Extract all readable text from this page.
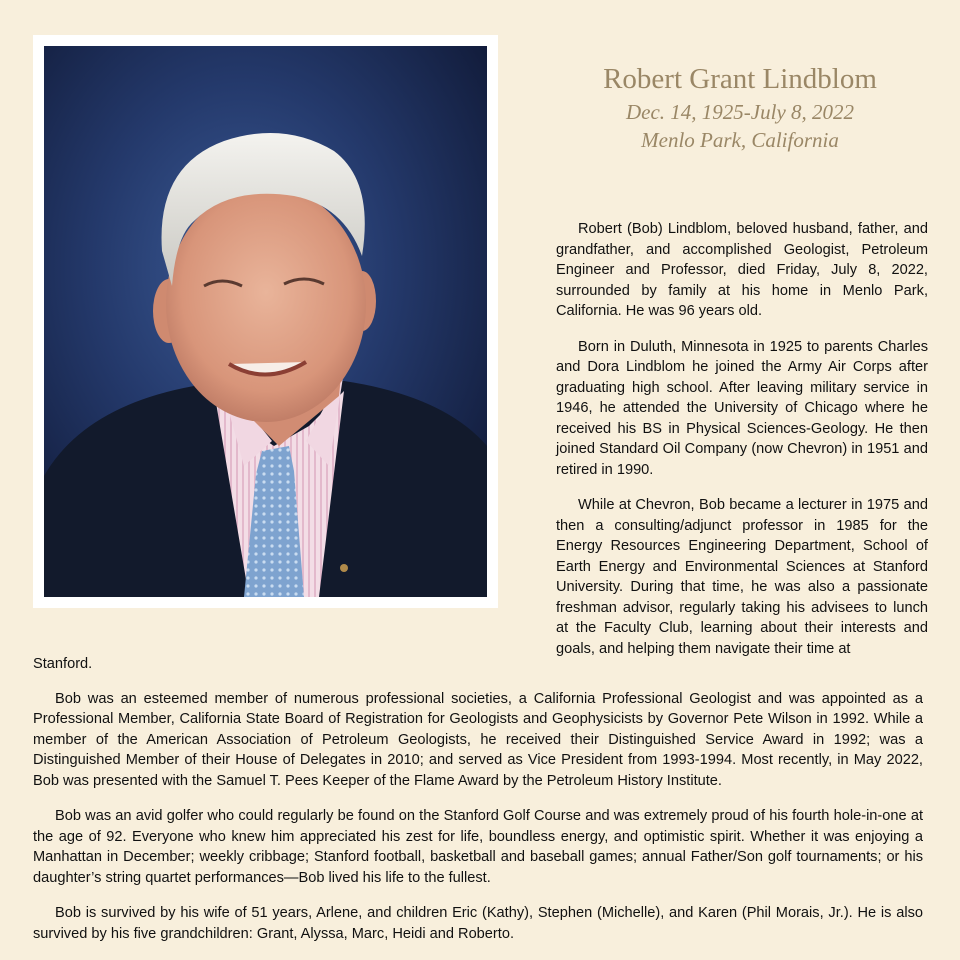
Robert Grant Lindblom
Dec. 14, 1925-July 8, 2022
Menlo Park, California

Robert (Bob) Lindblom, beloved husband, father, and grandfather, and accomplished Geologist, Petroleum Engineer and Professor, died Friday, July 8, 2022, surrounded by family at his home in Menlo Park, California. He was 96 years old.

Born in Duluth, Minnesota in 1925 to parents Charles and Dora Lindblom he joined the Army Air Corps after graduating high school. After leaving military service in 1946, he attended the University of Chicago where he received his BS in Physical Sciences-Geology. He then joined Standard Oil Company (now Chevron) in 1951 and retired in 1990.

While at Chevron, Bob became a lecturer in 1975 and then a consulting/adjunct professor in 1985 for the Energy Resources Engineering Department, School of Earth Energy and Environmental Sciences at Stanford University. During that time, he was also a passionate freshman advisor, regularly taking his advisees to lunch at the Faculty Club, learning about their interests and goals, and helping them navigate their time at

Stanford.

Bob was an esteemed member of numerous professional societies, a California Professional Geologist and was appointed as a Professional Member, California State Board of Registration for Geologists and Geophysicists by Governor Pete Wilson in 1992. While a member of the American Association of Petroleum Geologists, he received their Distinguished Service Award in 1992; was a Distinguished Member of their House of Delegates in 2010; and served as Vice President from 1993-1994. Most recently, in May 2022, Bob was presented with the Samuel T. Pees Keeper of the Flame Award by the Petroleum History Institute.

Bob was an avid golfer who could regularly be found on the Stanford Golf Course and was extremely proud of his fourth hole-in-one at the age of 92. Everyone who knew him appreciated his zest for life, boundless energy, and optimistic spirit. Whether it was enjoying a Manhattan in December; weekly cribbage; Stanford football, basketball and baseball games; annual Father/Son golf tournaments; or his daughter’s string quartet performances—Bob lived his life to the fullest.

Bob is survived by his wife of 51 years, Arlene, and children Eric (Kathy), Stephen (Michelle), and Karen (Phil Morais, Jr.). He is also survived by his five grandchildren: Grant, Alyssa, Marc, Heidi and Roberto.
